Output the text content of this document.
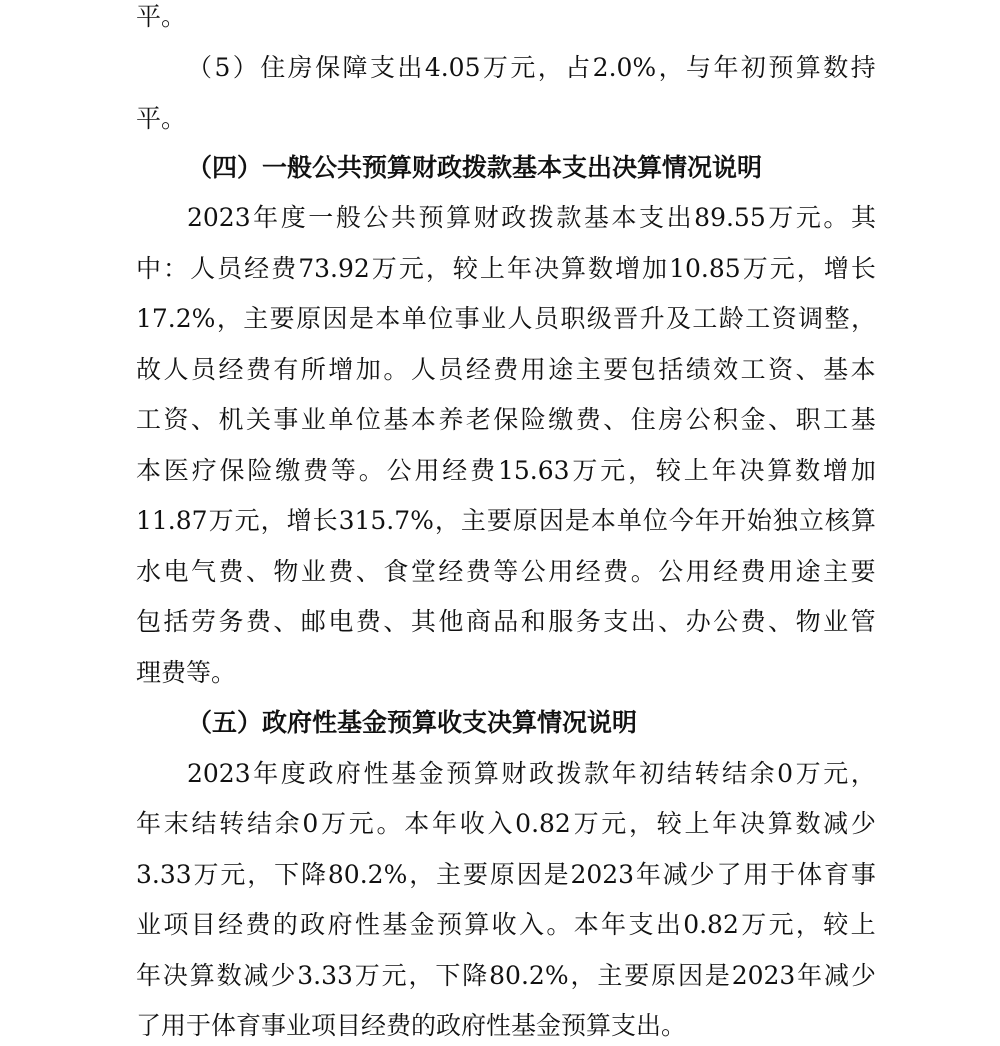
平。
（ 5 ） 住 房 保 障 支 出 4.05 万 元 ， 占 2.0% ， 与 年 初 预 算 数 持
平。
（四）一般公共预算财政拨款基本支出决算情况说明
2023 年 度 一 般 公 共 预 算 财 政 拨 款 基 本 支 出 89.55 万 元 。 其
中 ： 人 员 经 费 73.92 万 元 ， 较 上 年 决 算 数 增 加 10.85 万 元 ， 增 长
17.2% ， 主 要 原 因 是 本 单 位 事 业 人 员 职 级 晋 升 及 工 龄 工 资 调 整 ，
故 人 员 经 费 有 所 增 加 。 人 员 经 费 用 途 主 要 包 括 绩 效 工 资 、 基 本
工 资 、 机 关 事 业 单 位 基 本 养 老 保 险 缴 费 、 住 房 公 积 金 、 职 工 基
本 医 疗 保 险 缴 费 等 。 公 用 经 费 15.63 万 元 ， 较 上 年 决 算 数 增 加
11.87 万 元 ， 增 长 315.7% ， 主 要 原 因 是 本 单 位 今 年 开 始 独 立 核 算
水 电 气 费 、 物 业 费 、 食 堂 经 费 等 公 用 经 费 。 公 用 经 费 用 途 主 要
包 括 劳 务 费 、 邮 电 费 、 其 他 商 品 和 服 务 支 出 、 办 公 费 、 物 业 管
理费等。
（五）政府性基金预算收支决算情况说明
2023 年 度 政 府 性 基 金 预 算 财 政 拨 款 年 初 结 转 结 余 0 万 元 ，
年 末 结 转 结 余 0 万 元 。 本 年 收 入 0.82 万 元 ， 较 上 年 决 算 数 减 少
3.33 万 元 ， 下 降 80.2% ， 主 要 原 因 是 2023 年 减 少 了 用 于 体 育 事
业 项 目 经 费 的 政 府 性 基 金 预 算 收 入 。 本 年 支 出 0.82 万 元 ， 较 上
年 决 算 数 减 少 3.33 万 元 ， 下 降 80.2% ， 主 要 原 因 是 2023 年 减 少
了用于体育事业项目经费的政府性基金预算支出。
